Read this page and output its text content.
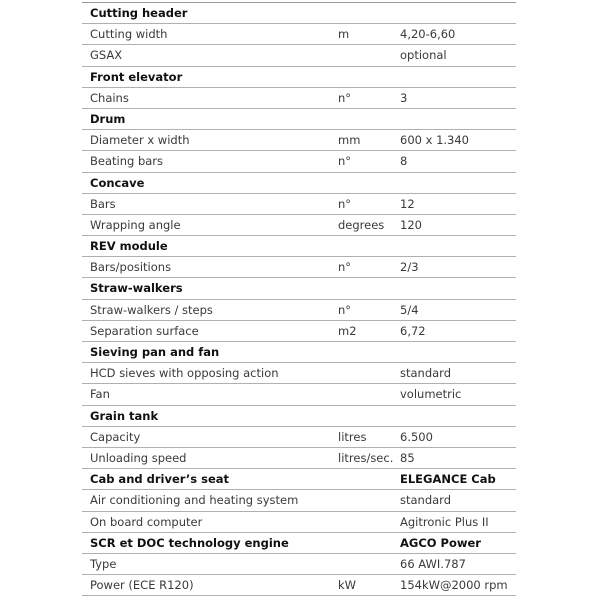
Cutting header
Cutting width	m	4,20-6,60
GSAX	optional
Front elevator
Chains	n°	3
Drum
Diameter x width	mm	600 x 1.340
Beating bars	n°	8
Concave
Bars	n°	12
Wrapping angle	degrees	120
REV module
Bars/positions	n°	2/3
Straw-walkers
Straw-walkers / steps	n°	5/4
Separation surface	m2	6,72
Sieving pan and fan
HCD sieves with opposing action	standard
Fan	volumetric
Grain tank
Capacity	litres	6.500
Unloading speed	litres/sec. 85
Cab and driver’s seat	ELEGANCE Cab
Air conditioning and heating system	standard
On board computer	Agitronic Plus II
SCR et DOC technology engine	AGCO Power
Type	66 AWI.787
Power (ECE R120)	kW	154kW@2000 rpm
